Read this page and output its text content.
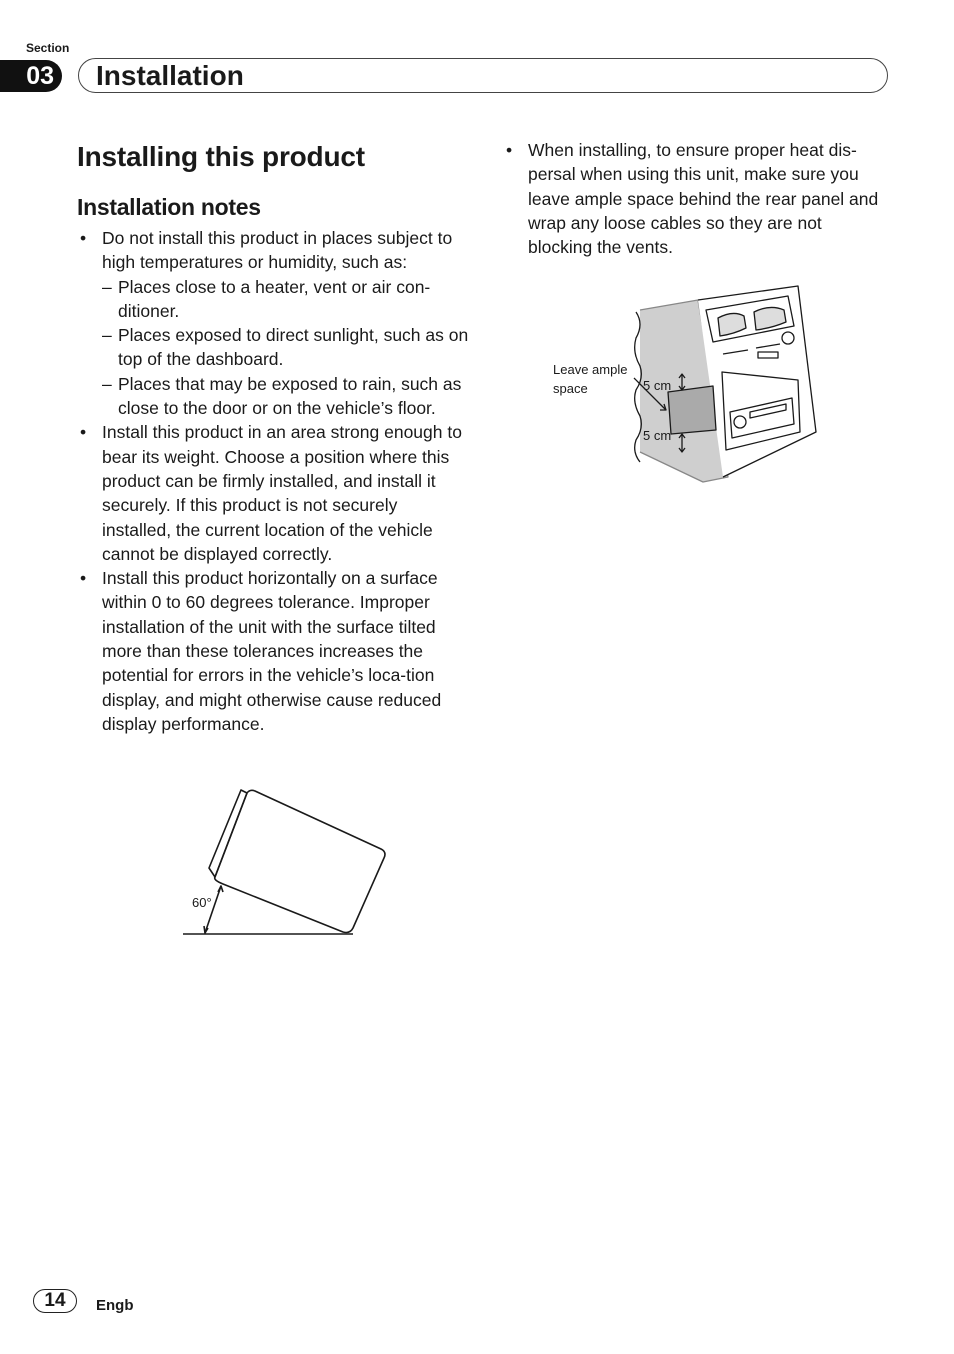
Section
03 Installation
Installing this product
Installation notes
• Do not install this product in places subject to high temperatures or humidity, such as:
– Places close to a heater, vent or air con-ditioner.
– Places exposed to direct sunlight, such as on top of the dashboard.
– Places that may be exposed to rain, such as close to the door or on the vehicle’s floor.
• Install this product in an area strong enough to bear its weight. Choose a position where this product can be firmly installed, and install it securely. If this product is not securely installed, the current location of the vehicle cannot be displayed correctly.
• Install this product horizontally on a surface within 0 to 60 degrees tolerance. Improper installation of the unit with the surface tilted more than these tolerances increases the potential for errors in the vehicle’s loca-tion display, and might otherwise cause reduced display performance.
• When installing, to ensure proper heat dis-persal when using this unit, make sure you leave ample space behind the rear panel and wrap any loose cables so they are not blocking the vents.
60°
Leave ample
space	5 cm
5 cm
14	Engb
